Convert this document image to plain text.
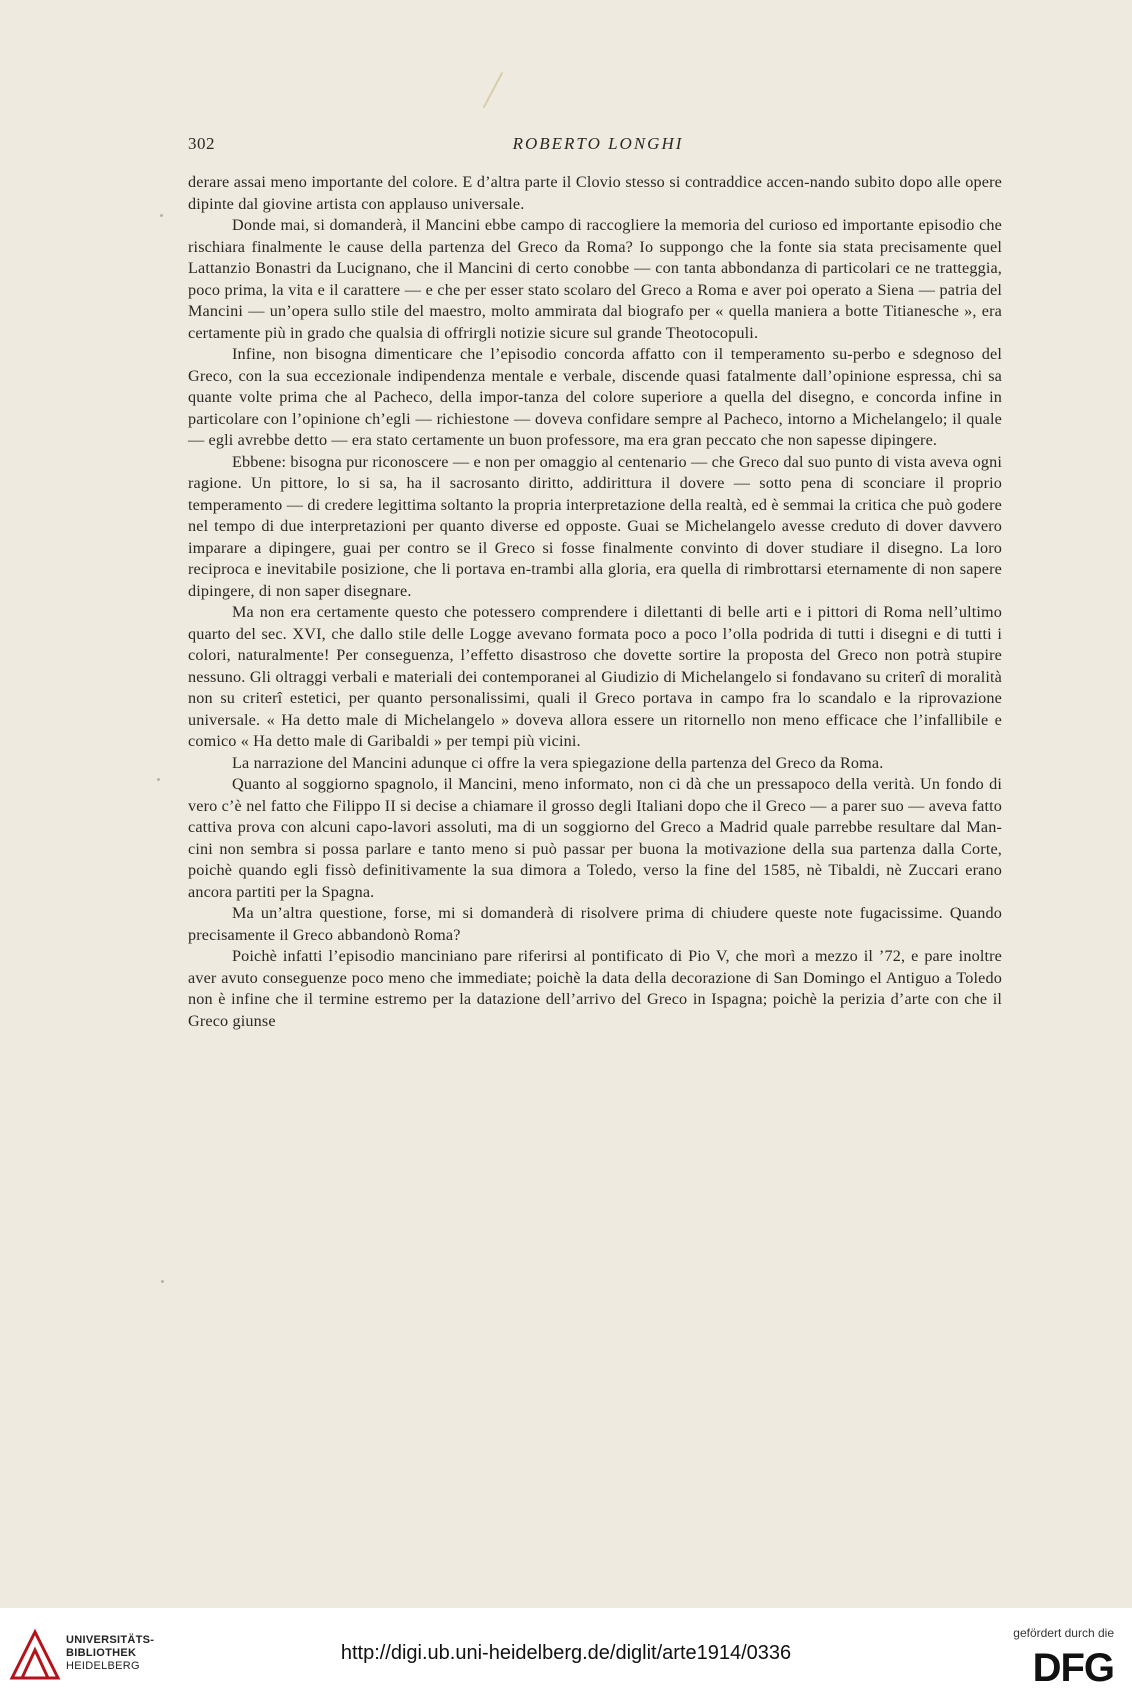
302	ROBERTO LONGHI

derare assai meno importante del colore. E d’altra parte il Clovio stesso si contraddice accen-nando subito dopo alle opere dipinte dal giovine artista con applauso universale.

Donde mai, si domanderà, il Mancini ebbe campo di raccogliere la memoria del curioso ed importante episodio che rischiara finalmente le cause della partenza del Greco da Roma? Io suppongo che la fonte sia stata precisamente quel Lattanzio Bonastri da Lucignano, che il Mancini di certo conobbe — con tanta abbondanza di particolari ce ne tratteggia, poco prima, la vita e il carattere — e che per esser stato scolaro del Greco a Roma e aver poi operato a Siena — patria del Mancini — un’opera sullo stile del maestro, molto ammirata dal biografo per « quella maniera a botte Titianesche », era certamente più in grado che qualsia di offrirgli notizie sicure sul grande Theotocopuli.

Infine, non bisogna dimenticare che l’episodio concorda affatto con il temperamento su-perbo e sdegnoso del Greco, con la sua eccezionale indipendenza mentale e verbale, discende quasi fatalmente dall’opinione espressa, chi sa quante volte prima che al Pacheco, della impor-tanza del colore superiore a quella del disegno, e concorda infine in particolare con l’opinione ch’egli — richiestone — doveva confidare sempre al Pacheco, intorno a Michelangelo; il quale — egli avrebbe detto — era stato certamente un buon professore, ma era gran peccato che non sapesse dipingere.

Ebbene: bisogna pur riconoscere — e non per omaggio al centenario — che Greco dal suo punto di vista aveva ogni ragione. Un pittore, lo si sa, ha il sacrosanto diritto, addirittura il dovere — sotto pena di sconciare il proprio temperamento — di credere legittima soltanto la propria interpretazione della realtà, ed è semmai la critica che può godere nel tempo di due interpretazioni per quanto diverse ed opposte. Guai se Michelangelo avesse creduto di dover davvero imparare a dipingere, guai per contro se il Greco si fosse finalmente convinto di dover studiare il disegno. La loro reciproca e inevitabile posizione, che li portava en-trambi alla gloria, era quella di rimbrottarsi eternamente di non sapere dipingere, di non saper disegnare.

Ma non era certamente questo che potessero comprendere i dilettanti di belle arti e i pittori di Roma nell’ultimo quarto del sec. XVI, che dallo stile delle Logge avevano formata poco a poco l’olla podrida di tutti i disegni e di tutti i colori, naturalmente! Per conseguenza, l’effetto disastroso che dovette sortire la proposta del Greco non potrà stupire nessuno. Gli oltraggi verbali e materiali dei contemporanei al Giudizio di Michelangelo si fondavano su criterî di moralità non su criterî estetici, per quanto personalissimi, quali il Greco portava in campo fra lo scandalo e la riprovazione universale. « Ha detto male di Michelangelo » doveva allora essere un ritornello non meno efficace che l’infallibile e comico « Ha detto male di Garibaldi » per tempi più vicini.

La narrazione del Mancini adunque ci offre la vera spiegazione della partenza del Greco da Roma.

Quanto al soggiorno spagnolo, il Mancini, meno informato, non ci dà che un pressapoco della verità. Un fondo di vero c’è nel fatto che Filippo II si decise a chiamare il grosso degli Italiani dopo che il Greco — a parer suo — aveva fatto cattiva prova con alcuni capo-lavori assoluti, ma di un soggiorno del Greco a Madrid quale parrebbe resultare dal Man-cini non sembra si possa parlare e tanto meno si può passar per buona la motivazione della sua partenza dalla Corte, poichè quando egli fissò definitivamente la sua dimora a Toledo, verso la fine del 1585, nè Tibaldi, nè Zuccari erano ancora partiti per la Spagna.

Ma un’altra questione, forse, mi si domanderà di risolvere prima di chiudere queste note fugacissime. Quando precisamente il Greco abbandonò Roma?

Poichè infatti l’episodio manciniano pare riferirsi al pontificato di Pio V, che morì a mezzo il ’72, e pare inoltre aver avuto conseguenze poco meno che immediate; poichè la data della decorazione di San Domingo el Antiguo a Toledo non è infine che il termine estremo per la datazione dell’arrivo del Greco in Ispagna; poichè la perizia d’arte con che il Greco giunse

UNIVERSITÄTS-
BIBLIOTHEK
HEIDELBERG
http://digi.ub.uni-heidelberg.de/diglit/arte1914/0336
gefördert durch die
DFG
